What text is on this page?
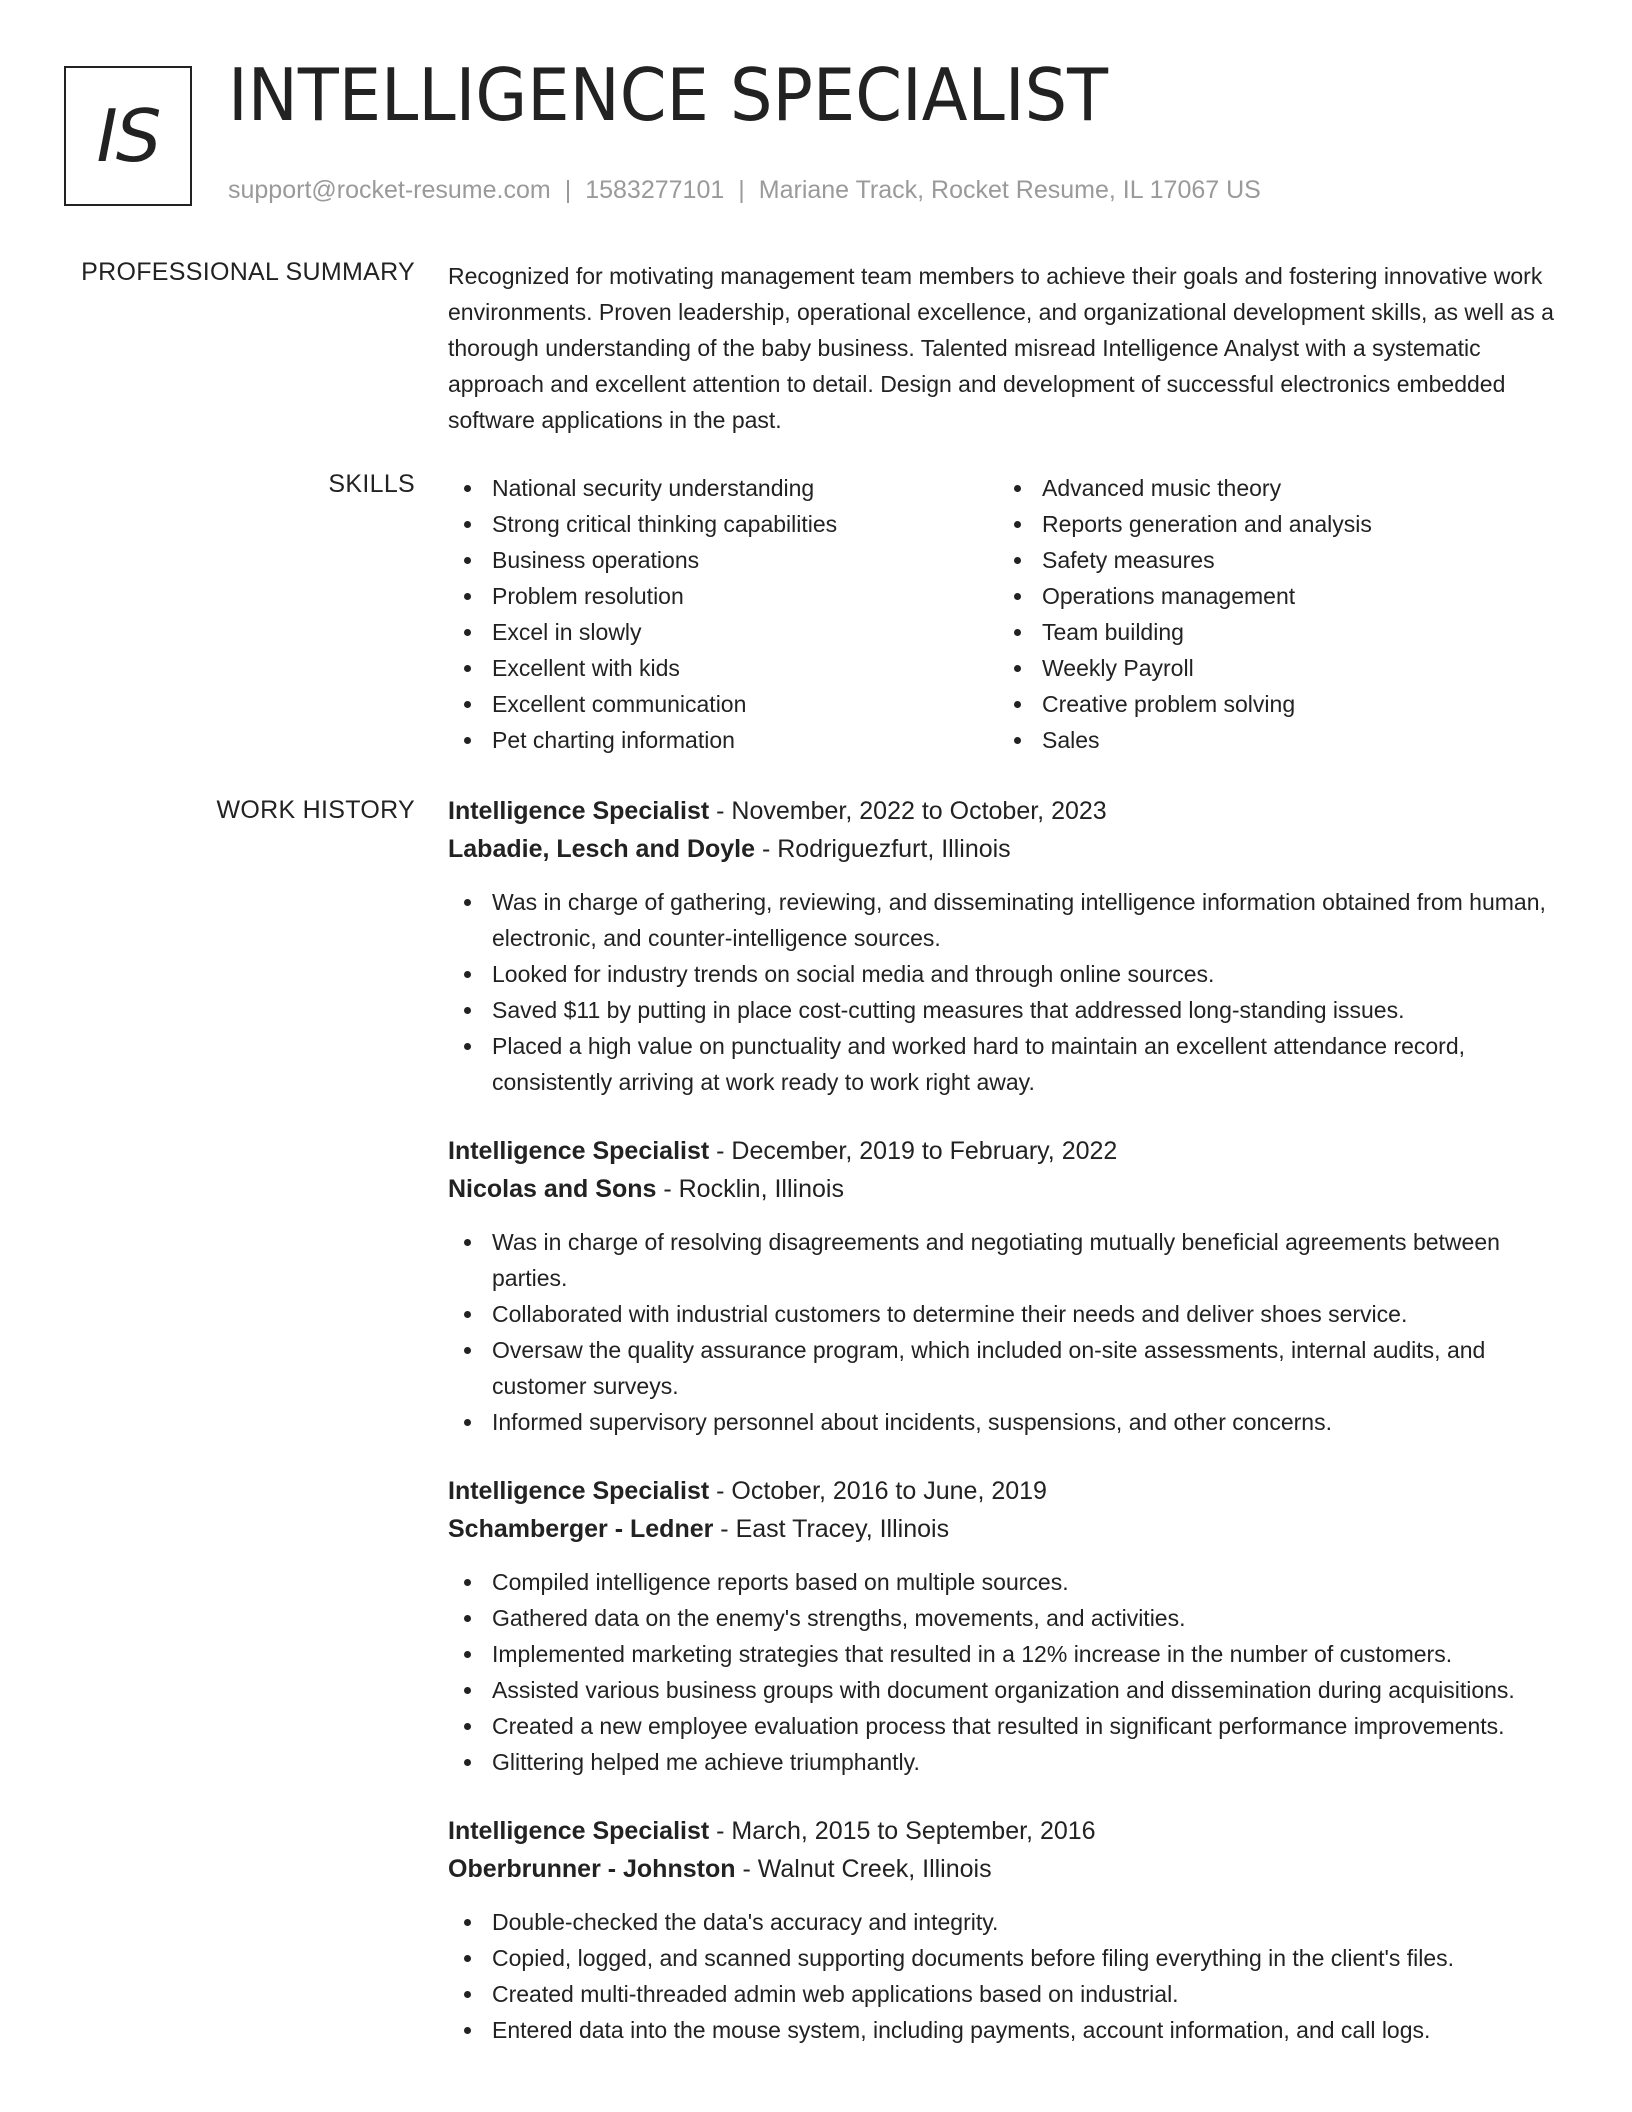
IS INTELLIGENCE SPECIALIST
support@rocket-resume.com | 1583277101 | Mariane Track, Rocket Resume, IL 17067 US
PROFESSIONAL SUMMARY Recognized for motivating management team members to achieve their goals and fostering innovative work environments. Proven leadership, operational excellence, and organizational development skills, as well as a thorough understanding of the baby business. Talented misread Intelligence Analyst with a systematic approach and excellent attention to detail. Design and development of successful electronics embedded software applications in the past.

SKILLS	National security understanding
Strong critical thinking capabilities
Business operations
Problem resolution
Excel in slowly
Excellent with kids
Excellent communication
Pet charting information
Advanced music theory
Reports generation and analysis
Safety measures
Operations management
Team building
Weekly Payroll
Creative problem solving
Sales
WORK HISTORY Intelligence Specialist - November, 2022 to October, 2023
Labadie, Lesch and Doyle - Rodriguezfurt, Illinois
Was in charge of gathering, reviewing, and disseminating intelligence information obtained from human, electronic, and counter-intelligence sources.
Looked for industry trends on social media and through online sources.
Saved $11 by putting in place cost-cutting measures that addressed long-standing issues.
Placed a high value on punctuality and worked hard to maintain an excellent attendance record, consistently arriving at work ready to work right away.
Intelligence Specialist - December, 2019 to February, 2022
Nicolas and Sons - Rocklin, Illinois
Was in charge of resolving disagreements and negotiating mutually beneficial agreements between parties.
Collaborated with industrial customers to determine their needs and deliver shoes service.
Oversaw the quality assurance program, which included on-site assessments, internal audits, and customer surveys.
Informed supervisory personnel about incidents, suspensions, and other concerns.
Intelligence Specialist - October, 2016 to June, 2019
Schamberger - Ledner - East Tracey, Illinois
Compiled intelligence reports based on multiple sources.
Gathered data on the enemy's strengths, movements, and activities.
Implemented marketing strategies that resulted in a 12% increase in the number of customers.
Assisted various business groups with document organization and dissemination during acquisitions.
Created a new employee evaluation process that resulted in significant performance improvements.
Glittering helped me achieve triumphantly.
Intelligence Specialist - March, 2015 to September, 2016
Oberbrunner - Johnston - Walnut Creek, Illinois
Double-checked the data's accuracy and integrity.
Copied, logged, and scanned supporting documents before filing everything in the client's files.
Created multi-threaded admin web applications based on industrial.
Entered data into the mouse system, including payments, account information, and call logs.
